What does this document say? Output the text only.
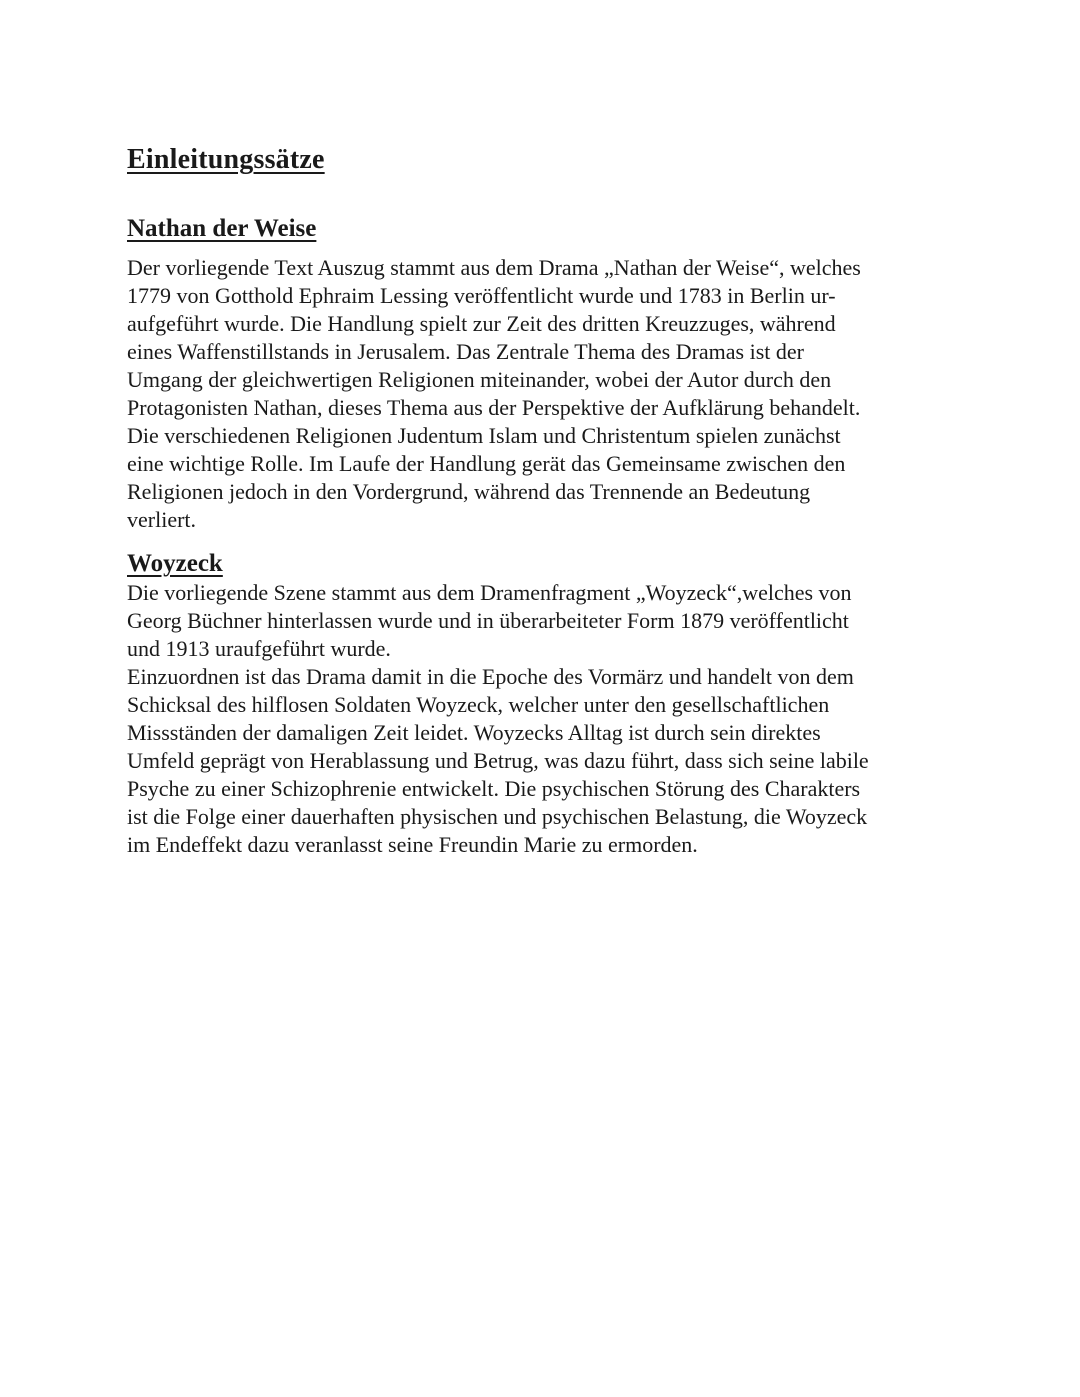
Einleitungssätze
Nathan der Weise

Der vorliegende Text Auszug stammt aus dem Drama „Nathan der Weise“, welches
1779 von Gotthold Ephraim Lessing veröffentlicht wurde und 1783 in Berlin ur-
aufgeführt wurde. Die Handlung spielt zur Zeit des dritten Kreuzzuges, während
eines Waffenstillstands in Jerusalem. Das Zentrale Thema des Dramas ist der
Umgang der gleichwertigen Religionen miteinander, wobei der Autor durch den
Protagonisten Nathan, dieses Thema aus der Perspektive der Aufklärung behandelt.
Die verschiedenen Religionen Judentum Islam und Christentum spielen zunächst
eine wichtige Rolle. Im Laufe der Handlung gerät das Gemeinsame zwischen den
Religionen jedoch in den Vordergrund, während das Trennende an Bedeutung
verliert.

Woyzeck

Die vorliegende Szene stammt aus dem Dramenfragment „Woyzeck“,welches von
Georg Büchner hinterlassen wurde und in überarbeiteter Form 1879 veröffentlicht
und 1913 uraufgeführt wurde.

Einzuordnen ist das Drama damit in die Epoche des Vormärz und handelt von dem
Schicksal des hilflosen Soldaten Woyzeck, welcher unter den gesellschaftlichen
Missständen der damaligen Zeit leidet. Woyzecks Alltag ist durch sein direktes
Umfeld geprägt von Herablassung und Betrug, was dazu führt, dass sich seine labile
Psyche zu einer Schizophrenie entwickelt. Die psychischen Störung des Charakters
ist die Folge einer dauerhaften physischen und psychischen Belastung, die Woyzeck
im Endeffekt dazu veranlasst seine Freundin Marie zu ermorden.
